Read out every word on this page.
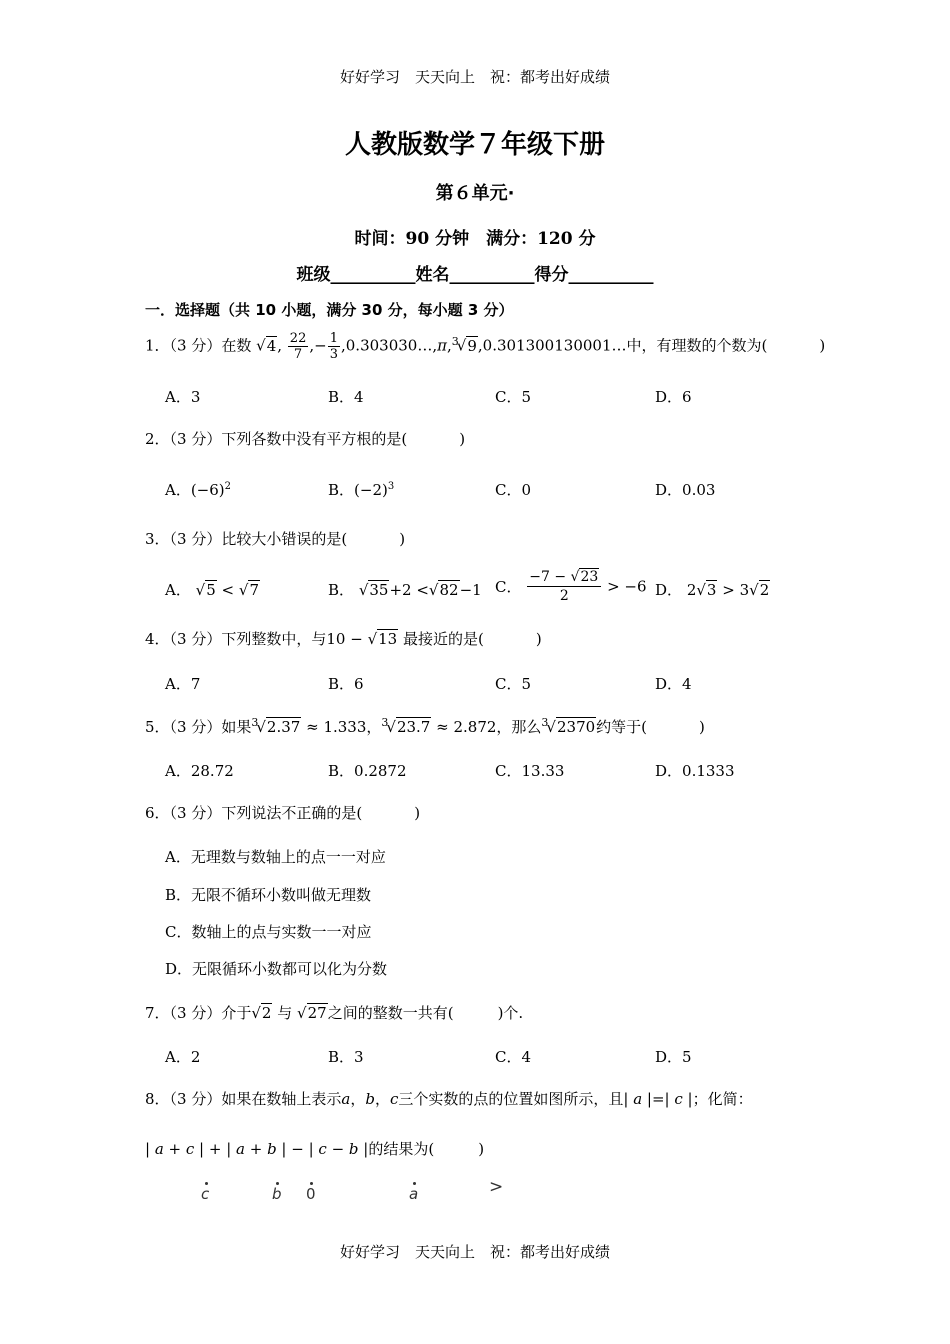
好好学习　天天向上　祝：都考出好成绩
人教版数学７年级下册
第６单元·
时间：90 分钟　满分：120 分
班级__________姓名__________得分__________
一．选择题（共 10 小题，满分 30 分，每小题 3 分）
1．（3 分）在数 √4, $\frac{22}{7}$ ,− $\frac{1}{3}$ ,0.303030…,π,$^3$√9,0.301300130001…中，有理数的个数为(	)
A．3	B．4	C．5	D．6
2．（3 分）下列各数中没有平方根的是(	)
A．$(-6)^2$	B．$(-2)^3$	C．0	D．0.03
3．（3 分）比较大小错误的是(	)
A． √5 < √7	B． √35+2 <√82−1 C． $\frac{-7 - √23}{2} > -6$ D． 2√3 > 3√2
4．（3 分）下列整数中，与10 − √13 最接近的是(	)
A．7	B．6	C．5	D．4
5．（3 分）如果$^3$√2.37 ≈ 1.333，$^3$√23.7 ≈ 2.872，那么$^3$√2370约等于(	)
A．28.72	B．0.2872	C．13.33	D．0.1333
6．（3 分）下列说法不正确的是(	)
A．无理数与数轴上的点一一对应
B．无限不循环小数叫做无理数
C．数轴上的点与实数一一对应
D．无限循环小数都可以化为分数
7．（3 分）介于√2 与 √27之间的整数一共有(	)个.
A．2	B．3	C．4	D．5
8．（3 分）如果在数轴上表示a，b，c三个实数的点的位置如图所示，且| a |=| c |；化简：
| a + c | + | a + b | − | c − b |的结果为(	)
c	b 0	a	>
好好学习　天天向上　祝：都考出好成绩
